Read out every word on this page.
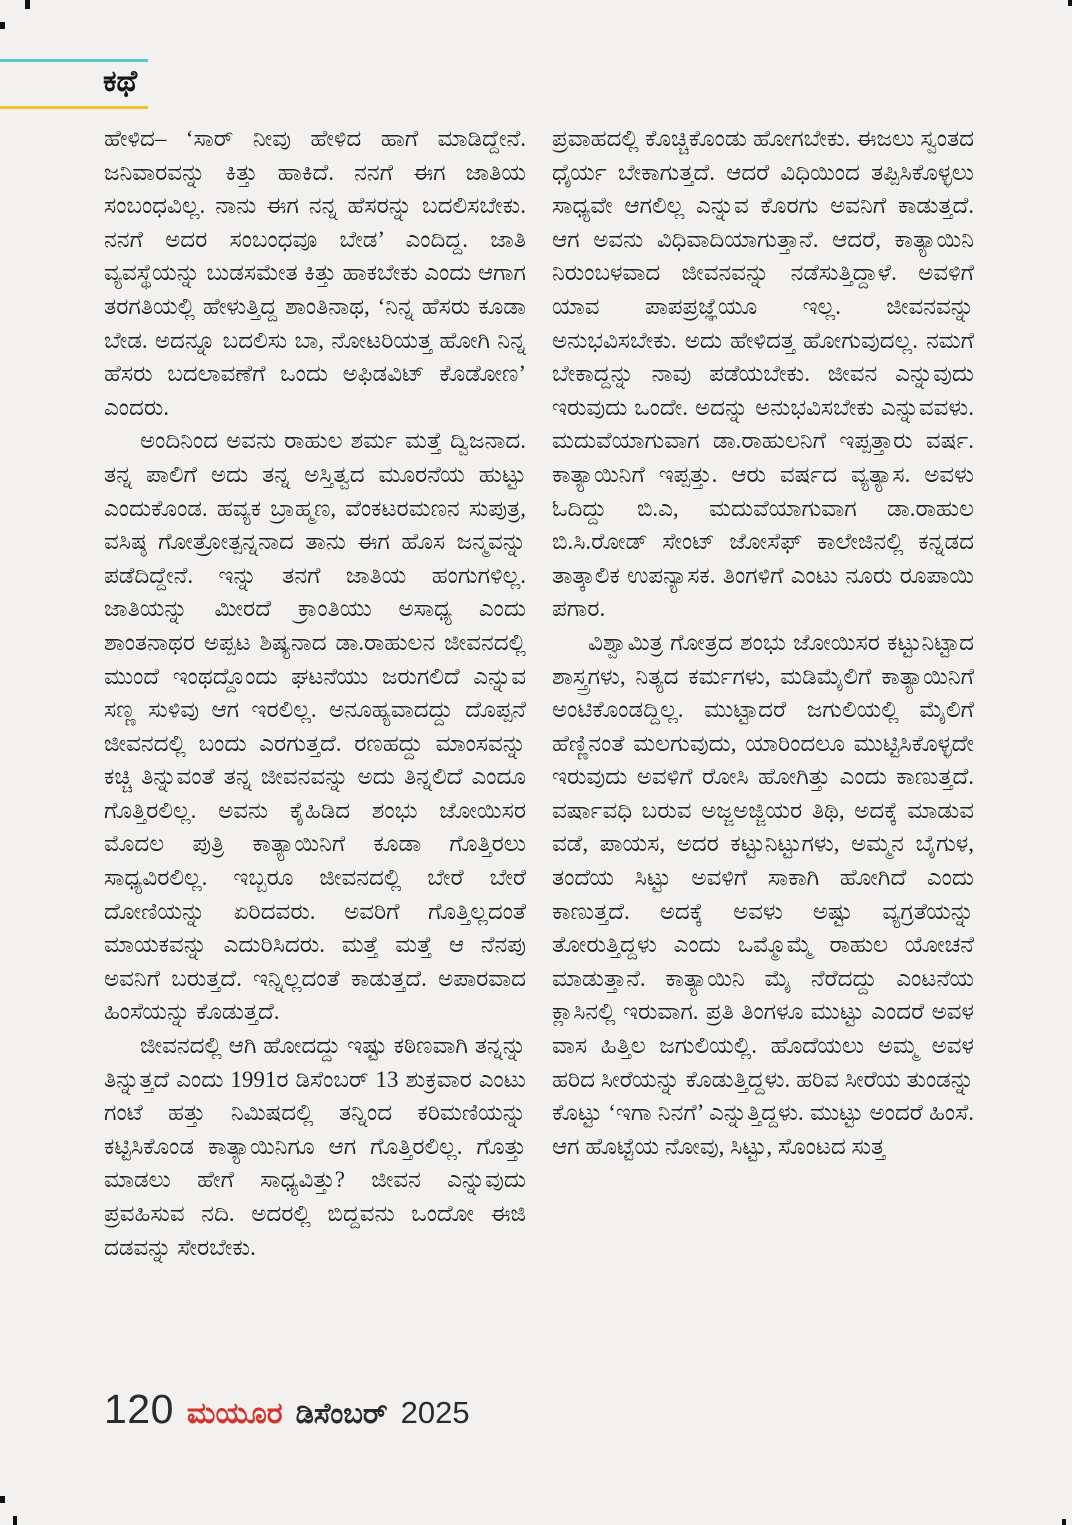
ಕಥೆ

ಹೇಳಿದ– ‘ಸಾರ್ ನೀವು ಹೇಳಿದ ಹಾಗೆ ಮಾಡಿದ್ದೇನೆ. ಜನಿವಾರವನ್ನು ಕಿತ್ತು ಹಾಕಿದೆ. ನನಗೆ ಈಗ ಜಾತಿಯ ಸಂಬಂಧವಿಲ್ಲ. ನಾನು ಈಗ ನನ್ನ ಹೆಸರನ್ನು ಬದಲಿಸಬೇಕು. ನನಗೆ ಅದರ ಸಂಬಂಧವೂ ಬೇಡ’ ಎಂದಿದ್ದ. ಜಾತಿ ವ್ಯವಸ್ಥೆಯನ್ನು ಬುಡಸಮೇತ ಕಿತ್ತು ಹಾಕಬೇಕು ಎಂದು ಆಗಾಗ ತರಗತಿಯಲ್ಲಿ ಹೇಳುತ್ತಿದ್ದ ಶಾಂತಿನಾಥ, ‘ನಿನ್ನ ಹೆಸರು ಕೂಡಾ ಬೇಡ. ಅದನ್ನೂ ಬದಲಿಸು ಬಾ, ನೋಟರಿಯತ್ತ ಹೋಗಿ ನಿನ್ನ ಹೆಸರು ಬದಲಾವಣೆಗೆ ಒಂದು ಅಫಿಡವಿಟ್ ಕೊಡೋಣ’ ಎಂದರು.

ಅಂದಿನಿಂದ ಅವನು ರಾಹುಲ ಶರ್ಮ ಮತ್ತೆ ದ್ವಿಜನಾದ. ತನ್ನ ಪಾಲಿಗೆ ಅದು ತನ್ನ ಅಸ್ತಿತ್ವದ ಮೂರನೆಯ ಹುಟ್ಟು ಎಂದುಕೊಂಡ. ಹವ್ಯಕ ಬ್ರಾಹ್ಮಣ, ವೆಂಕಟರಮಣನ ಸುಪುತ್ರ, ವಸಿಷ್ಠ ಗೋತ್ರೋತ್ಪನ್ನನಾದ ತಾನು ಈಗ ಹೊಸ ಜನ್ಮವನ್ನು ಪಡೆದಿದ್ದೇನೆ. ಇನ್ನು ತನಗೆ ಜಾತಿಯ ಹಂಗುಗಳಿಲ್ಲ. ಜಾತಿಯನ್ನು ಮೀರದೆ ಕ್ರಾಂತಿಯು ಅಸಾಧ್ಯ ಎಂದು ಶಾಂತನಾಥರ ಅಪ್ಪಟ ಶಿಷ್ಯನಾದ ಡಾ.ರಾಹುಲನ ಜೀವನದಲ್ಲಿ ಮುಂದೆ ಇಂಥದ್ದೊಂದು ಘಟನೆಯು ಜರುಗಲಿದೆ ಎನ್ನುವ ಸಣ್ಣ ಸುಳಿವು ಆಗ ಇರಲಿಲ್ಲ. ಅನೂಹ್ಯವಾದದ್ದು ದೊಪ್ಪನೆ ಜೀವನದಲ್ಲಿ ಬಂದು ಎರಗುತ್ತದೆ. ರಣಹದ್ದು ಮಾಂಸವನ್ನು ಕಚ್ಚಿ ತಿನ್ನುವಂತೆ ತನ್ನ ಜೀವನವನ್ನು ಅದು ತಿನ್ನಲಿದೆ ಎಂದೂ ಗೊತ್ತಿರಲಿಲ್ಲ. ಅವನು ಕೈಹಿಡಿದ ಶಂಭು ಜೋಯಿಸರ ಮೊದಲ ಪುತ್ರಿ ಕಾತ್ಯಾಯಿನಿಗೆ ಕೂಡಾ ಗೊತ್ತಿರಲು ಸಾಧ್ಯವಿರಲಿಲ್ಲ. ಇಬ್ಬರೂ ಜೀವನದಲ್ಲಿ ಬೇರೆ ಬೇರೆ ದೋಣಿಯನ್ನು ಏರಿದವರು. ಅವರಿಗೆ ಗೊತ್ತಿಲ್ಲದಂತೆ ಮಾಯಕವನ್ನು ಎದುರಿಸಿದರು. ಮತ್ತೆ ಮತ್ತೆ ಆ ನೆನಪು ಅವನಿಗೆ ಬರುತ್ತದೆ. ಇನ್ನಿಲ್ಲದಂತೆ ಕಾಡುತ್ತದೆ. ಅಪಾರವಾದ ಹಿಂಸೆಯನ್ನು ಕೊಡುತ್ತದೆ.

ಜೀವನದಲ್ಲಿ ಆಗಿ ಹೋದದ್ದು ಇಷ್ಟು ಕಠಿಣವಾಗಿ ತನ್ನನ್ನು ತಿನ್ನುತ್ತದೆ ಎಂದು 1991ರ ಡಿಸೆಂಬರ್ 13 ಶುಕ್ರವಾರ ಎಂಟು ಗಂಟೆ ಹತ್ತು ನಿಮಿಷದಲ್ಲಿ ತನ್ನಿಂದ ಕರಿಮಣಿಯನ್ನು ಕಟ್ಟಿಸಿಕೊಂಡ ಕಾತ್ಯಾಯಿನಿಗೂ ಆಗ ಗೊತ್ತಿರಲಿಲ್ಲ. ಗೊತ್ತು ಮಾಡಲು ಹೇಗೆ ಸಾಧ್ಯವಿತ್ತು? ಜೀವನ ಎನ್ನುವುದು ಪ್ರವಹಿಸುವ ನದಿ. ಅದರಲ್ಲಿ ಬಿದ್ದವನು ಒಂದೋ ಈಜಿ ದಡವನ್ನು ಸೇರಬೇಕು.

ಪ್ರವಾಹದಲ್ಲಿ ಕೊಚ್ಚಿಕೊಂಡು ಹೋಗಬೇಕು. ಈಜಲು ಸ್ವಂತದ ಧೈರ್ಯ ಬೇಕಾಗುತ್ತದೆ. ಆದರೆ ವಿಧಿಯಿಂದ ತಪ್ಪಿಸಿಕೊಳ್ಳಲು ಸಾಧ್ಯವೇ ಆಗಲಿಲ್ಲ ಎನ್ನುವ ಕೊರಗು ಅವನಿಗೆ ಕಾಡುತ್ತದೆ. ಆಗ ಅವನು ವಿಧಿವಾದಿಯಾಗುತ್ತಾನೆ. ಆದರೆ, ಕಾತ್ಯಾಯಿನಿ ನಿರುಂಬಳವಾದ ಜೀವನವನ್ನು ನಡೆಸುತ್ತಿದ್ದಾಳೆ. ಅವಳಿಗೆ ಯಾವ ಪಾಪಪ್ರಜ್ಞೆಯೂ ಇಲ್ಲ. ಜೀವನವನ್ನು ಅನುಭವಿಸಬೇಕು. ಅದು ಹೇಳಿದತ್ತ ಹೋಗುವುದಲ್ಲ. ನಮಗೆ ಬೇಕಾದ್ದನ್ನು ನಾವು ಪಡೆಯಬೇಕು. ಜೀವನ ಎನ್ನುವುದು ಇರುವುದು ಒಂದೇ. ಅದನ್ನು ಅನುಭವಿಸಬೇಕು ಎನ್ನುವವಳು. ಮದುವೆಯಾಗುವಾಗ ಡಾ.ರಾಹುಲನಿಗೆ ಇಪ್ಪತ್ತಾರು ವರ್ಷ. ಕಾತ್ಯಾಯಿನಿಗೆ ಇಪ್ಪತ್ತು. ಆರು ವರ್ಷದ ವ್ಯತ್ಯಾಸ. ಅವಳು ಓದಿದ್ದು ಬಿ.ಎ, ಮದುವೆಯಾಗುವಾಗ ಡಾ.ರಾಹುಲ ಬಿ.ಸಿ.ರೋಡ್ ಸೇಂಟ್ ಜೋಸೆಫ್ ಕಾಲೇಜಿನಲ್ಲಿ ಕನ್ನಡದ ತಾತ್ಕಾಲಿಕ ಉಪನ್ಯಾಸಕ. ತಿಂಗಳಿಗೆ ಎಂಟು ನೂರು ರೂಪಾಯಿ ಪಗಾರ.

ವಿಶ್ವಾಮಿತ್ರ ಗೋತ್ರದ ಶಂಭು ಜೋಯಿಸರ ಕಟ್ಟುನಿಟ್ಟಾದ ಶಾಸ್ತ್ರಗಳು, ನಿತ್ಯದ ಕರ್ಮಗಳು, ಮಡಿಮೈಲಿಗೆ ಕಾತ್ಯಾಯಿನಿಗೆ ಅಂಟಿಕೊಂಡದ್ದಿಲ್ಲ. ಮುಟ್ಟಾದರೆ ಜಗುಲಿಯಲ್ಲಿ ಮೈಲಿಗೆ ಹೆಣ್ಣಿನಂತೆ ಮಲಗುವುದು, ಯಾರಿಂದಲೂ ಮುಟ್ಟಿಸಿಕೊಳ್ಳದೇ ಇರುವುದು ಅವಳಿಗೆ ರೋಸಿ ಹೋಗಿತ್ತು ಎಂದು ಕಾಣುತ್ತದೆ. ವರ್ಷಾವಧಿ ಬರುವ ಅಜ್ಜಅಜ್ಜಿಯರ ತಿಥಿ, ಅದಕ್ಕೆ ಮಾಡುವ ವಡೆ, ಪಾಯಸ, ಅದರ ಕಟ್ಟುನಿಟ್ಟುಗಳು, ಅಮ್ಮನ ಬೈಗುಳ, ತಂದೆಯ ಸಿಟ್ಟು ಅವಳಿಗೆ ಸಾಕಾಗಿ ಹೋಗಿದೆ ಎಂದು ಕಾಣುತ್ತದೆ. ಅದಕ್ಕೆ ಅವಳು ಅಷ್ಟು ವ್ಯಗ್ರತೆಯನ್ನು ತೋರುತ್ತಿದ್ದಳು ಎಂದು ಒಮ್ಮೊಮ್ಮೆ ರಾಹುಲ ಯೋಚನೆ ಮಾಡುತ್ತಾನೆ. ಕಾತ್ಯಾಯಿನಿ ಮೈ ನೆರೆದದ್ದು ಎಂಟನೆಯ ಕ್ಲಾಸಿನಲ್ಲಿ ಇರುವಾಗ. ಪ್ರತಿ ತಿಂಗಳೂ ಮುಟ್ಟು ಎಂದರೆ ಅವಳ ವಾಸ ಹಿತ್ತಿಲ ಜಗುಲಿಯಲ್ಲಿ. ಹೊದೆಯಲು ಅಮ್ಮ ಅವಳ ಹರಿದ ಸೀರೆಯನ್ನು ಕೊಡುತ್ತಿದ್ದಳು. ಹರಿವ ಸೀರೆಯ ತುಂಡನ್ನು ಕೊಟ್ಟು ‘ಇಗಾ ನಿನಗೆ’ ಎನ್ನುತ್ತಿದ್ದಳು. ಮುಟ್ಟು ಅಂದರೆ ಹಿಂಸೆ. ಆಗ ಹೊಟ್ಟೆಯ ನೋವು, ಸಿಟ್ಟು, ಸೊಂಟದ ಸುತ್ತ

120 ಮಯೂರ ಡಿಸೆಂಬರ್ 2025
